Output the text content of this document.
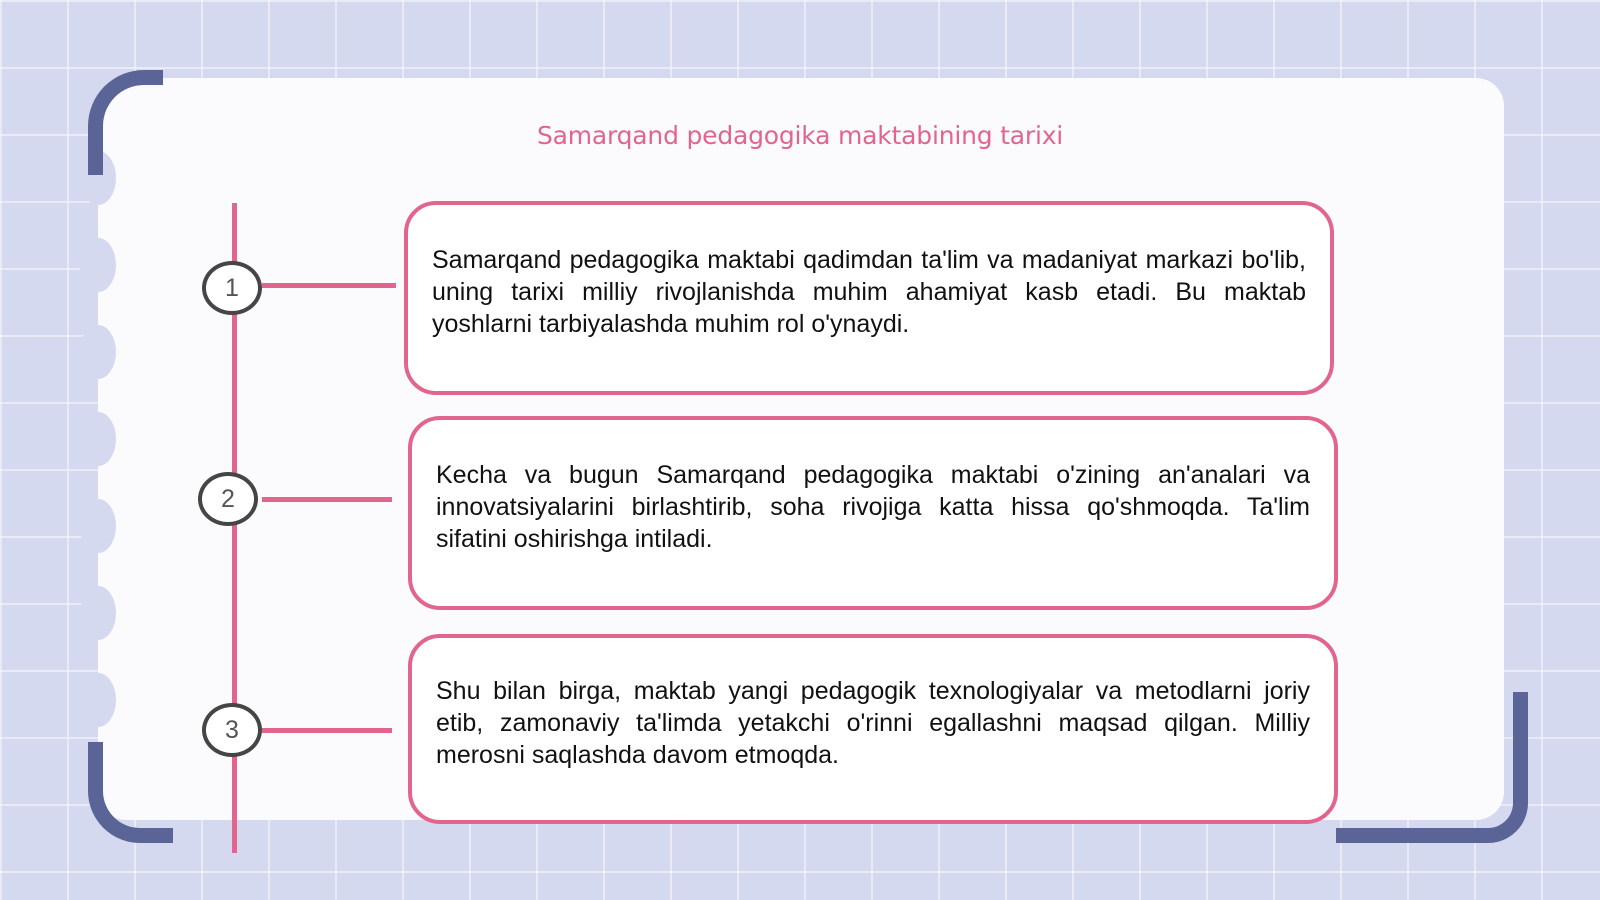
Samarqand pedagogika maktabining tarixi
1
2
3

Samarqand pedagogika maktabi qadimdan ta'lim va madaniyat markazi bo'lib, uning tarixi milliy rivojlanishda muhim ahamiyat kasb etadi. Bu maktab yoshlarni tarbiyalashda muhim rol o'ynaydi.

Kecha va bugun Samarqand pedagogika maktabi o'zining an'analari va innovatsiyalarini birlashtirib, soha rivojiga katta hissa qo'shmoqda. Ta'lim sifatini oshirishga intiladi.

Shu bilan birga, maktab yangi pedagogik texnologiyalar va metodlarni joriy etib, zamonaviy ta'limda yetakchi o'rinni egallashni maqsad qilgan. Milliy merosni saqlashda davom etmoqda.
